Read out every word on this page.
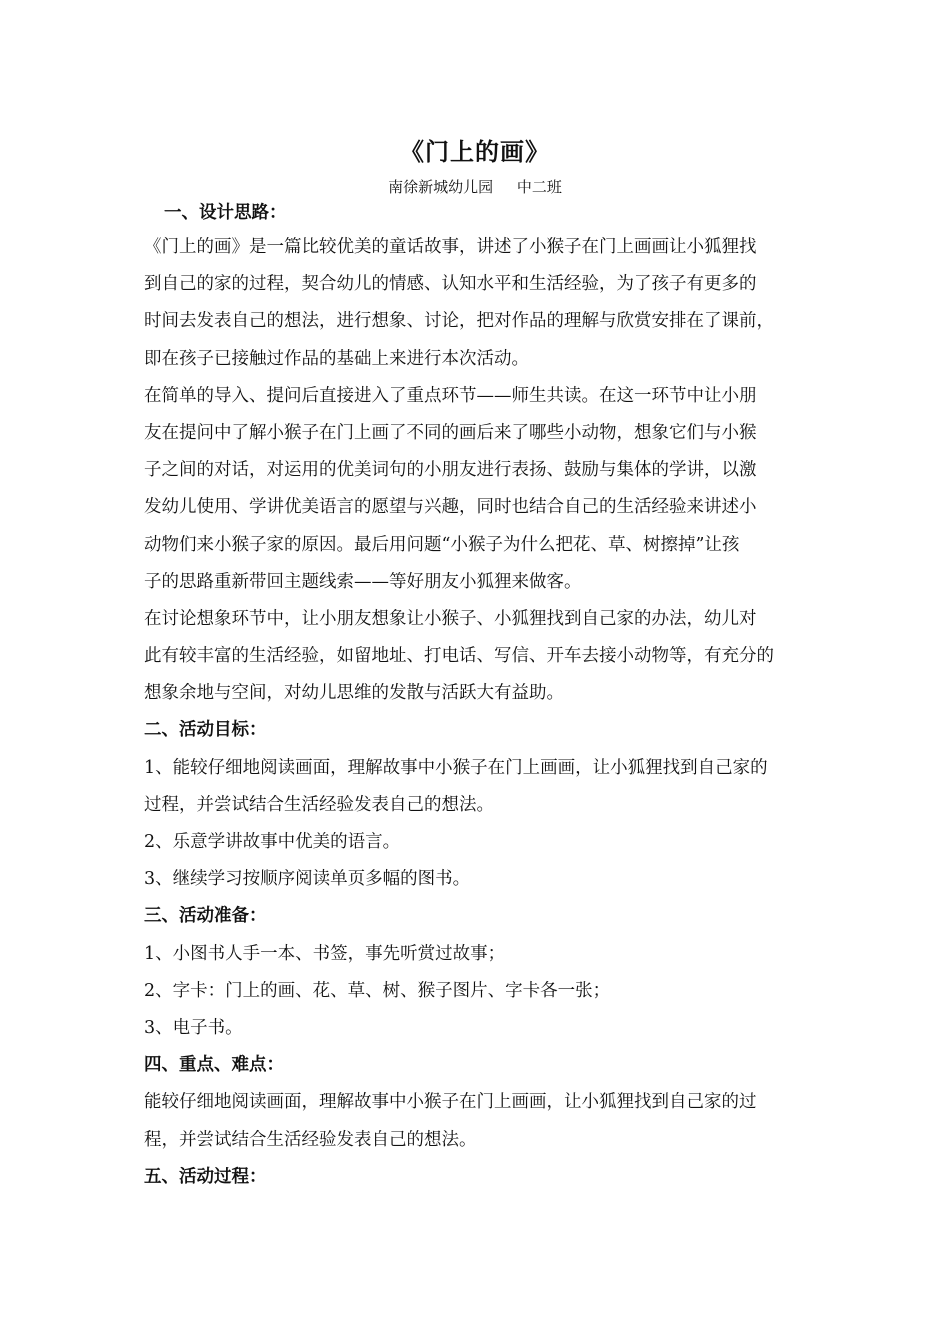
《门上的画》
南徐新城幼儿园     中二班
一、设计思路：
《门上的画》是一篇比较优美的童话故事，讲述了小猴子在门上画画让小狐狸找
到自己的家的过程，契合幼儿的情感、认知水平和生活经验，为了孩子有更多的
时间去发表自己的想法，进行想象、讨论，把对作品的理解与欣赏安排在了课前，
即在孩子已接触过作品的基础上来进行本次活动。
在简单的导入、提问后直接进入了重点环节——师生共读。在这一环节中让小朋
友在提问中了解小猴子在门上画了不同的画后来了哪些小动物，想象它们与小猴
子之间的对话，对运用的优美词句的小朋友进行表扬、鼓励与集体的学讲，以激
发幼儿使用、学讲优美语言的愿望与兴趣，同时也结合自己的生活经验来讲述小
动物们来小猴子家的原因。最后用问题“小猴子为什么把花、草、树擦掉”让孩
子的思路重新带回主题线索——等好朋友小狐狸来做客。
在讨论想象环节中，让小朋友想象让小猴子、小狐狸找到自己家的办法，幼儿对
此有较丰富的生活经验，如留地址、打电话、写信、开车去接小动物等，有充分的
想象余地与空间，对幼儿思维的发散与活跃大有益助。
二、活动目标：
1、能较仔细地阅读画面，理解故事中小猴子在门上画画，让小狐狸找到自己家的
过程，并尝试结合生活经验发表自己的想法。
2、乐意学讲故事中优美的语言。
3、继续学习按顺序阅读单页多幅的图书。
三、活动准备：
1、小图书人手一本、书签，事先听赏过故事；
2、字卡：门上的画、花、草、树、猴子图片、字卡各一张；
3、电子书。
四、重点、难点：
能较仔细地阅读画面，理解故事中小猴子在门上画画，让小狐狸找到自己家的过
程，并尝试结合生活经验发表自己的想法。
五、活动过程：
